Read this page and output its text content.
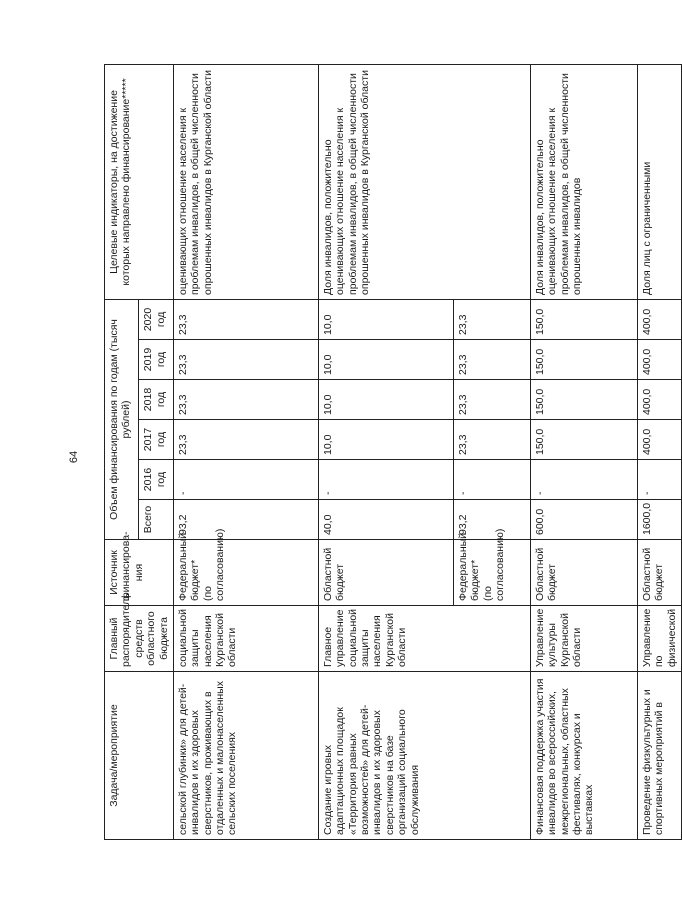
64
Задача/мероприятие	Главный распорядитель средств областного бюджета	Источник финансирова-ния	Объем финансирования по годам (тысяч рублей)						Целевые индикаторы, на достижение которых направлено финансирование*****
			Всего	2016 год	2017 год	2018 год	2019 год	2020 год	
сельской глубинки» для детей-инвалидов и их здоровых сверстников, проживающих в отдаленных и малонаселенных сельских поселениях	социальной защиты населения Курганской области	Федеральный бюджет* (по согласованию)	93,2	-	23,3	23,3	23,3	23,3	оценивающих отношение населения к проблемам инвалидов, в общей численности опрошенных инвалидов в Курганской области
Создание игровых адаптационных площадок «Территория равных возможностей» для детей-инвалидов и их здоровых сверстников на базе организаций социального обслуживания	Главное управление социальной защиты населения Курганской области	Областной бюджет	40,0	-	10,0	10,0	10,0	10,0	Доля инвалидов, положительно оценивающих отношение населения к проблемам инвалидов, в общей численности опрошенных инвалидов в Курганской области
		Федеральный бюджет* (по согласованию)	93,2	-	23,3	23,3	23,3	23,3	
Финансовая поддержка участия инвалидов во всероссийских, межрегиональных, областных фестивалях, конкурсах и выставках	Управление культуры Курганской области	Областной бюджет	600,0	-	150,0	150,0	150,0	150,0	Доля инвалидов, положительно оценивающих отношение населения к проблемам инвалидов, в общей численности опрошенных инвалидов
Проведение физкультурных и спортивных мероприятий в	Управление по физической	Областной бюджет	1600,0	-	400,0	400,0	400,0	400,0	Доля лиц с ограниченными
